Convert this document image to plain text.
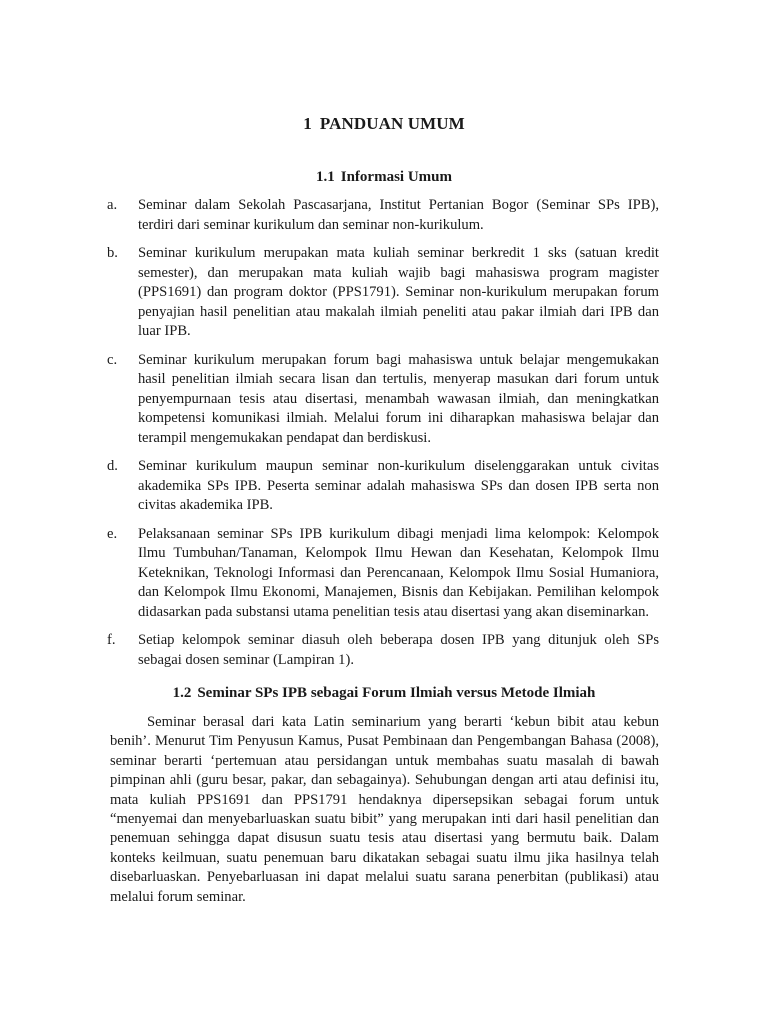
1 PANDUAN UMUM
1.1 Informasi Umum
a.	Seminar dalam Sekolah Pascasarjana, Institut Pertanian Bogor (Seminar SPs IPB), terdiri dari seminar kurikulum dan seminar non-kurikulum.
b.	Seminar kurikulum merupakan mata kuliah seminar berkredit 1 sks (satuan kredit semester), dan merupakan mata kuliah wajib bagi mahasiswa program magister (PPS1691) dan program doktor (PPS1791). Seminar non-kurikulum merupakan forum penyajian hasil penelitian atau makalah ilmiah peneliti atau pakar ilmiah dari IPB dan luar IPB.
c.	Seminar kurikulum merupakan forum bagi mahasiswa untuk belajar mengemukakan hasil penelitian ilmiah secara lisan dan tertulis, menyerap masukan dari forum untuk penyempurnaan tesis atau disertasi, menambah wawasan ilmiah, dan meningkatkan kompetensi komunikasi ilmiah. Melalui forum ini diharapkan mahasiswa belajar dan terampil mengemukakan pendapat dan berdiskusi.
d.	Seminar kurikulum maupun seminar non-kurikulum diselenggarakan untuk civitas akademika SPs IPB. Peserta seminar adalah mahasiswa SPs dan dosen IPB serta non civitas akademika IPB.
e.	Pelaksanaan seminar SPs IPB kurikulum dibagi menjadi lima kelompok: Kelompok Ilmu Tumbuhan/Tanaman, Kelompok Ilmu Hewan dan Kesehatan, Kelompok Ilmu Keteknikan, Teknologi Informasi dan Perencanaan, Kelompok Ilmu Sosial Humaniora, dan Kelompok Ilmu Ekonomi, Manajemen, Bisnis dan Kebijakan. Pemilihan kelompok didasarkan pada substansi utama penelitian tesis atau disertasi yang akan diseminarkan.
f.	Setiap kelompok seminar diasuh oleh beberapa dosen IPB yang ditunjuk oleh SPs sebagai dosen seminar (Lampiran 1).
1.2 Seminar SPs IPB sebagai Forum Ilmiah versus Metode Ilmiah

Seminar berasal dari kata Latin seminarium yang berarti ‘kebun bibit atau kebun benih’. Menurut Tim Penyusun Kamus, Pusat Pembinaan dan Pengembangan Bahasa (2008), seminar berarti ‘pertemuan atau persidangan untuk membahas suatu masalah di bawah pimpinan ahli (guru besar, pakar, dan sebagainya). Sehubungan dengan arti atau definisi itu, mata kuliah PPS1691 dan PPS1791 hendaknya dipersepsikan sebagai forum untuk “menyemai dan menyebarluaskan suatu bibit” yang merupakan inti dari hasil penelitian dan penemuan sehingga dapat disusun suatu tesis atau disertasi yang bermutu baik. Dalam konteks keilmuan, suatu penemuan baru dikatakan sebagai suatu ilmu jika hasilnya telah disebarluaskan. Penyebarluasan ini dapat melalui suatu sarana penerbitan (publikasi) atau melalui forum seminar.
